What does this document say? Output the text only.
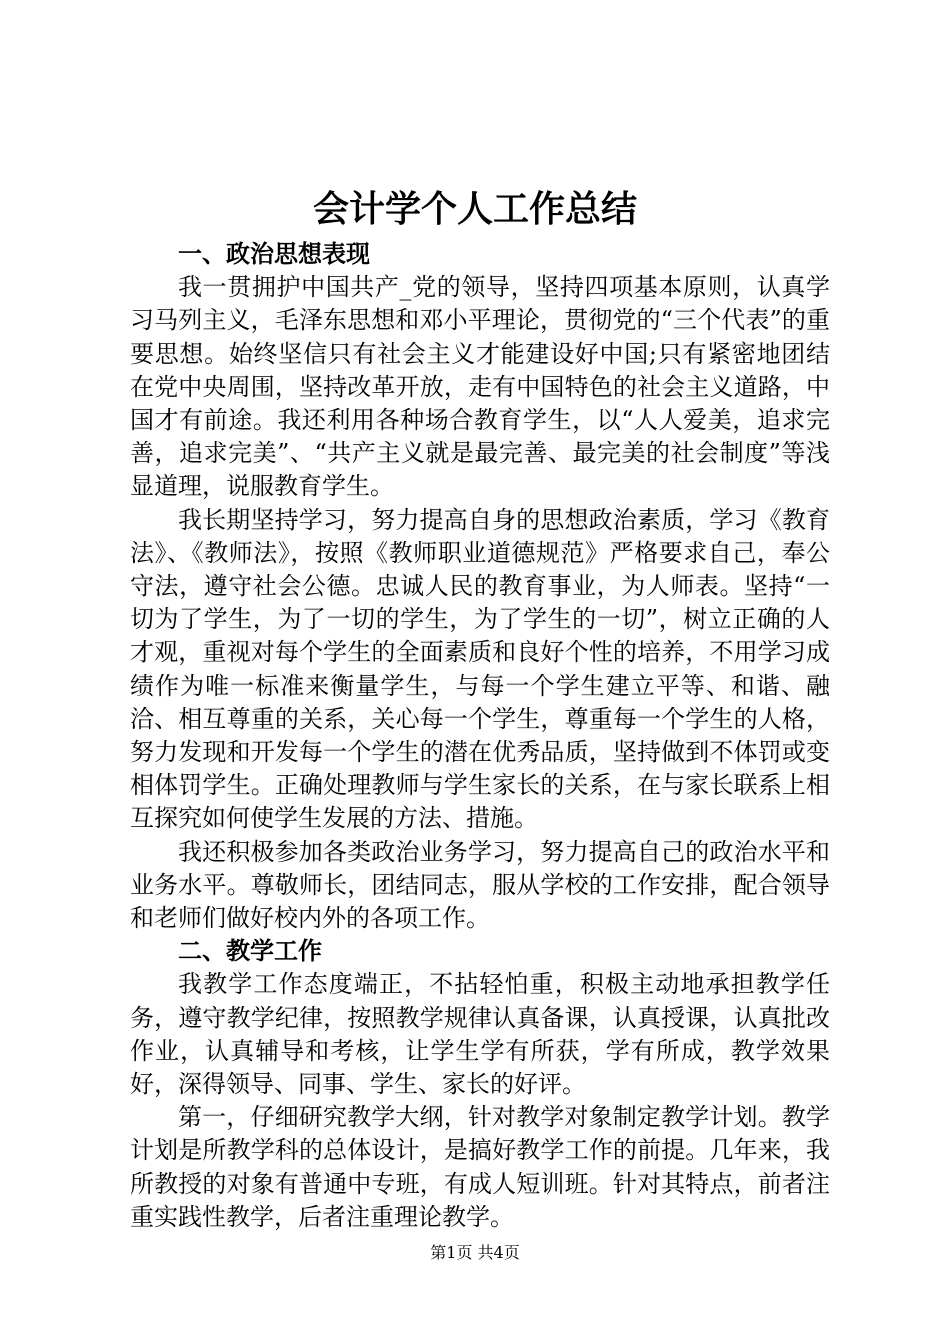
会计学个人工作总结
一、政治思想表现

我一贯拥护中国共产_党的领导，坚持四项基本原则，认真学习马列主义，毛泽东思想和邓小平理论，贯彻党的“三个代表”的重要思想。始终坚信只有社会主义才能建设好中国;只有紧密地团结在党中央周围，坚持改革开放，走有中国特色的社会主义道路，中国才有前途。我还利用各种场合教育学生，以“人人爱美，追求完善，追求完美”、“共产主义就是最完善、最完美的社会制度”等浅显道理，说服教育学生。

我长期坚持学习，努力提高自身的思想政治素质，学习《教育法》、《教师法》，按照《教师职业道德规范》严格要求自己，奉公守法，遵守社会公德。忠诚人民的教育事业，为人师表。坚持“一切为了学生，为了一切的学生，为了学生的一切”，树立正确的人才观，重视对每个学生的全面素质和良好个性的培养，不用学习成绩作为唯一标准来衡量学生，与每一个学生建立平等、和谐、融洽、相互尊重的关系，关心每一个学生，尊重每一个学生的人格，努力发现和开发每一个学生的潜在优秀品质，坚持做到不体罚或变相体罚学生。正确处理教师与学生家长的关系，在与家长联系上相互探究如何使学生发展的方法、措施。

我还积极参加各类政治业务学习，努力提高自己的政治水平和业务水平。尊敬师长，团结同志，服从学校的工作安排，配合领导和老师们做好校内外的各项工作。

二、教学工作

我教学工作态度端正，不拈轻怕重，积极主动地承担教学任务，遵守教学纪律，按照教学规律认真备课，认真授课，认真批改作业，认真辅导和考核，让学生学有所获，学有所成，教学效果好，深得领导、同事、学生、家长的好评。

第一，仔细研究教学大纲，针对教学对象制定教学计划。教学计划是所教学科的总体设计，是搞好教学工作的前提。几年来，我所教授的对象有普通中专班，有成人短训班。针对其特点，前者注重实践性教学，后者注重理论教学。

第1页 共4页
